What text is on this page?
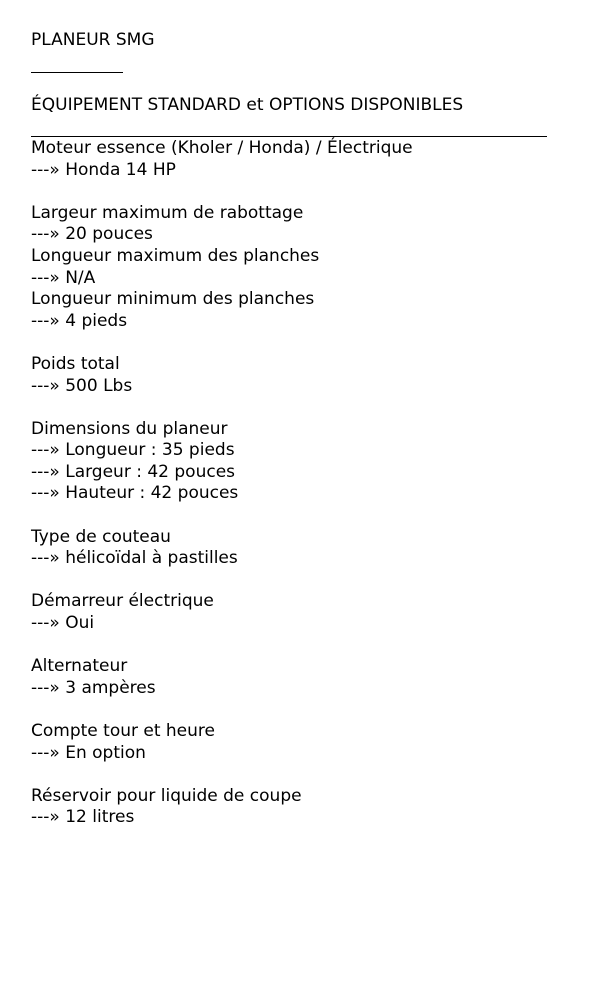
PLANEUR SMG
ÉQUIPEMENT STANDARD et OPTIONS DISPONIBLES
Moteur essence (Kholer / Honda) / Électrique
---» Honda 14 HP
Largeur maximum de rabottage
---» 20 pouces
Longueur maximum des planches
---» N/A
Longueur minimum des planches
---» 4 pieds
Poids total
---» 500 Lbs
Dimensions du planeur
---» Longueur : 35 pieds
---» Largeur : 42 pouces
---» Hauteur : 42 pouces
Type de couteau
---» hélicoïdal à pastilles
Démarreur électrique
---» Oui
Alternateur
---» 3 ampères
Compte tour et heure
---» En option
Réservoir pour liquide de coupe
---» 12 litres
